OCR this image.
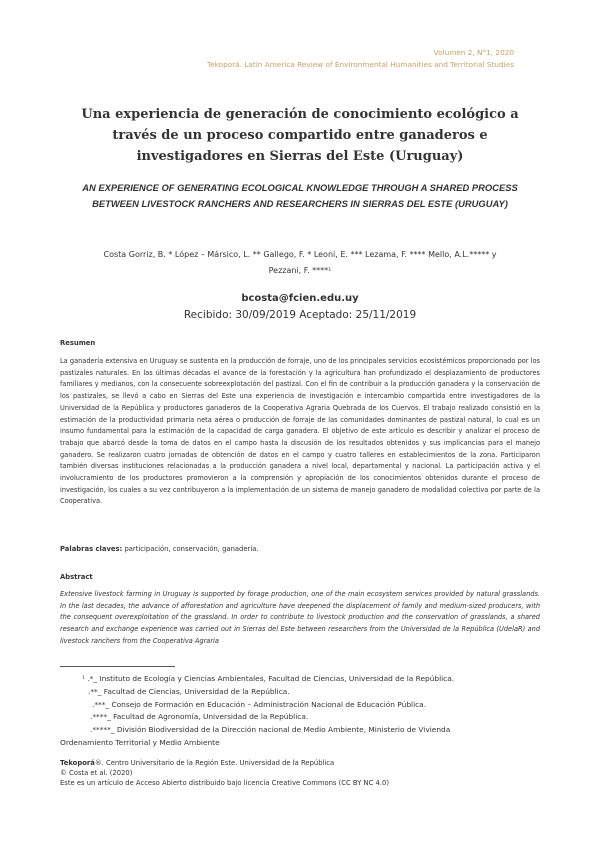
Volumen 2, N°1, 2020
Tekoporá. Latin America Review of Environmental Humanities and Territorial Studies
Una experiencia de generación de conocimiento ecológico a través de un proceso compartido entre ganaderos e investigadores en Sierras del Este (Uruguay)
AN EXPERIENCE OF GENERATING ECOLOGICAL KNOWLEDGE THROUGH A SHARED PROCESS BETWEEN LIVESTOCK RANCHERS AND RESEARCHERS IN SIERRAS DEL ESTE (URUGUAY)
Costa Gorriz, B. * López – Mársico, L. ** Gallego, F. * Leoni, E. *** Lezama, F. **** Mello, A.L.***** y Pezzani, F. ****¹
bcosta@fcien.edu.uy
Recibido: 30/09/2019 Aceptado: 25/11/2019
Resumen

La ganadería extensiva en Uruguay se sustenta en la producción de forraje, uno de los principales servicios ecosistémicos proporcionado por los pastizales naturales. En las últimas décadas el avance de la forestación y la agricultura han profundizado el desplazamiento de productores familiares y medianos, con la consecuente sobreexplotación del pastizal. Con el fin de contribuir a la producción ganadera y la conservación de los pastizales, se llevó a cabo en Sierras del Este una experiencia de investigación e intercambio compartida entre investigadores de la Universidad de la República y productores ganaderos de la Cooperativa Agraria Quebrada de los Cuervos. El trabajo realizado consistió en la estimación de la productividad primaria neta aérea o producción de forraje de las comunidades dominantes de pastizal natural, lo cual es un insumo fundamental para la estimación de la capacidad de carga ganadera. El objetivo de este artículo es describir y analizar el proceso de trabajo que abarcó desde la toma de datos en el campo hasta la discusión de los resultados obtenidos y sus implicancias para el manejo ganadero. Se realizaron cuatro jornadas de obtención de datos en el campo y cuatro talleres en establecimientos de la zona. Participaron también diversas instituciones relacionadas a la producción ganadera a nivel local, departamental y nacional. La participación activa y el involucramiento de los productores promovieron a la comprensión y apropiación de los conocimientos obtenidos durante el proceso de investigación, los cuales a su vez contribuyeron a la implementación de un sistema de manejo ganadero de modalidad colectiva por parte de la Cooperativa.

Palabras claves: participación, conservación, ganadería.
Abstract

Extensive livestock farming in Uruguay is supported by forage production, one of the main ecosystem services provided by natural grasslands. In the last decades, the advance of afforestation and agriculture have deepened the displacement of family and medium-sized producers, with the consequent overexploitation of the grassland. In order to contribute to livestock production and the conservation of grasslands, a shared research and exchange experience was carried out in Sierras del Este between researchers from the Universidad de la República (UdelaR) and livestock ranchers from the Cooperativa Agraria

¹ .*_ Instituto de Ecología y Ciencias Ambientales, Facultad de Ciencias, Universidad de la República.
.**_ Facultad de Ciencias, Universidad de la República.
.***_ Consejo de Formación en Educación – Administración Nacional de Educación Pública.
.****_ Facultad de Agronomía, Universidad de la República.
.*****_ División Biodiversidad de la Dirección nacional de Medio Ambiente, Ministerio de Vivienda
Ordenamiento Territorial y Medio Ambiente
Tekoporá®. Centro Universitario de la Región Este. Universidad de la República
© Costa et al. (2020)
Este es un artículo de Acceso Abierto distribuido bajo licencia Creative Commons (CC BY NC 4.0)
